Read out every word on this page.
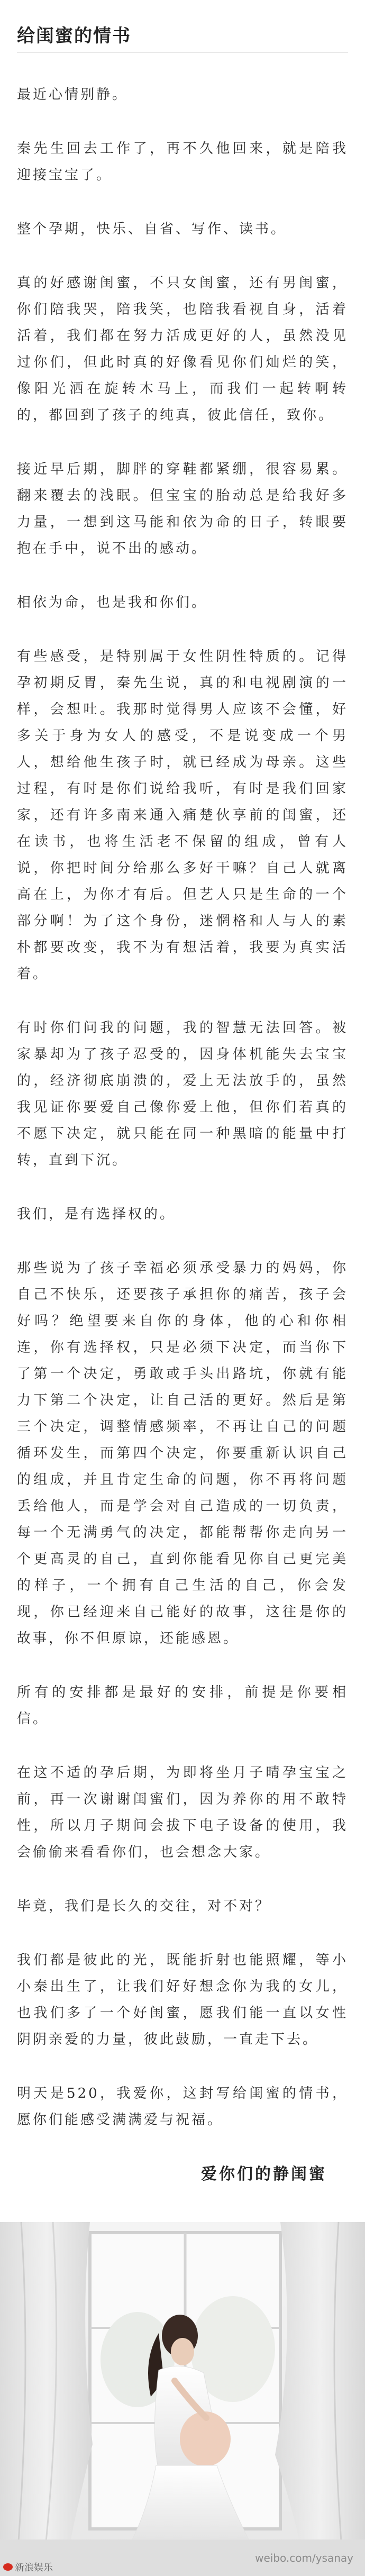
给闺蜜的情书

最近心情别静。

秦先生回去工作了，再不久他回来，就是陪我迎接宝宝了。

整个孕期，快乐、自省、写作、读书。

真的好感谢闺蜜，不只女闺蜜，还有男闺蜜，你们陪我哭，陪我笑，也陪我看视自身，活着活着，我们都在努力活成更好的人，虽然没见过你们，但此时真的好像看见你们灿烂的笑，像阳光洒在旋转木马上，而我们一起转啊转的，都回到了孩子的纯真，彼此信任，致你。

接近早后期，脚胖的穿鞋都紧绷，很容易累。翻来覆去的浅眠。但宝宝的胎动总是给我好多力量，一想到这马能和依为命的日子，转眼要抱在手中，说不出的感动。

相依为命，也是我和你们。

有些感受，是特别属于女性阴性特质的。记得孕初期反胃，秦先生说，真的和电视剧演的一样，会想吐。我那时觉得男人应该不会懂，好多关于身为女人的感受，不是说变成一个男人，想给他生孩子时，就已经成为母亲。这些过程，有时是你们说给我听，有时是我们回家家，还有许多南来通入痛楚伙享前的闺蜜，还在读书，也将生活老不保留的组成，曾有人说，你把时间分给那么多好干嘛？自己人就离高在上，为你才有后。但艺人只是生命的一个部分啊！为了这个身份，迷惘格和人与人的素朴都要改变，我不为有想活着，我要为真实活着。

有时你们问我的问题，我的智慧无法回答。被家暴却为了孩子忍受的，因身体机能失去宝宝的，经济彻底崩溃的，爱上无法放手的，虽然我见证你要爱自己像你爱上他，但你们若真的不愿下决定，就只能在同一种黑暗的能量中打转，直到下沉。

我们，是有选择权的。

那些说为了孩子幸福必须承受暴力的妈妈，你自己不快乐，还要孩子承担你的痛苦，孩子会好吗？绝望要来自你的身体，他的心和你相连，你有选择权，只是必须下决定，而当你下了第一个决定，勇敢或手头出路坑，你就有能力下第二个决定，让自己活的更好。然后是第三个决定，调整情感频率，不再让自己的问题循环发生，而第四个决定，你要重新认识自己的组成，并且肯定生命的问题，你不再将问题丢给他人，而是学会对自己造成的一切负责，每一个无满勇气的决定，都能帮帮你走向另一个更高灵的自己，直到你能看见你自己更完美的样子，一个拥有自己生活的自己，你会发现，你已经迎来自己能好的故事，这往是你的故事，你不但原谅，还能感恩。

所有的安排都是最好的安排，前提是你要相信。

在这不适的孕后期，为即将坐月子晴孕宝宝之前，再一次谢谢闺蜜们，因为养你的用不敢特性，所以月子期间会拔下电子设备的使用，我会偷偷来看看你们，也会想念大家。

毕竟，我们是长久的交往，对不对？

我们都是彼此的光，既能折射也能照耀，等小小秦出生了，让我们好好想念你为我的女儿，也我们多了一个好闺蜜，愿我们能一直以女性阴阴亲爱的力量，彼此鼓励，一直走下去。

明天是520，我爱你，这封写给闺蜜的情书，愿你们能感受满满爱与祝福。

爱你们的静闺蜜

weibo.com/ysanay
新浪娱乐
